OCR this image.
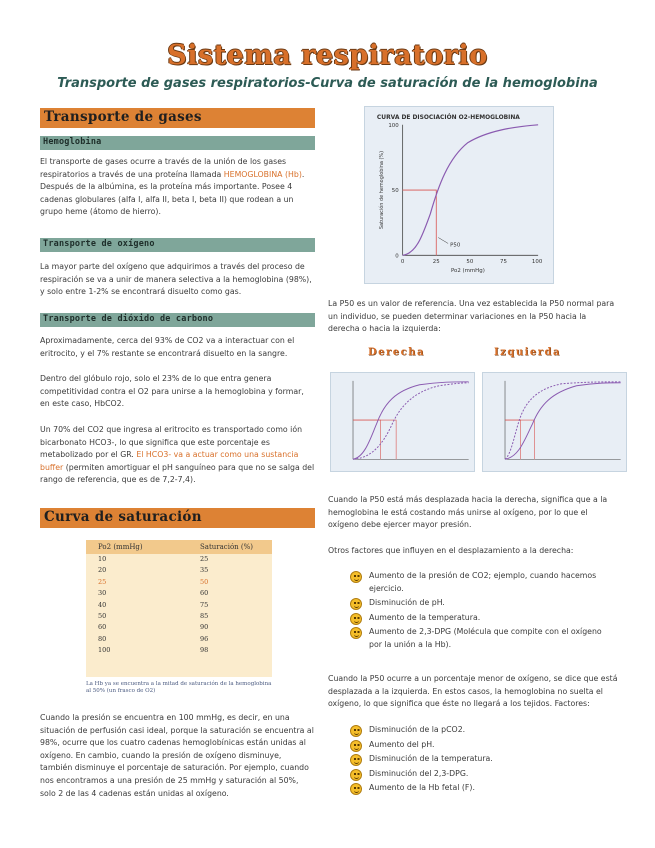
Sistema respiratorio
Transporte de gases respiratorios-Curva de saturación de la hemoglobina
Transporte de gases
Hemoglobina
El transporte de gases ocurre a través de la unión de los gases respiratorios a través de una proteína llamada HEMOGLOBINA (Hb). Después de la albúmina, es la proteína más importante. Posee 4 cadenas globulares (alfa I, alfa II, beta I, beta II) que rodean a un grupo heme (átomo de hierro).
Transporte de oxígeno
La mayor parte del oxígeno que adquirimos a través del proceso de respiración se va a unir de manera selectiva a la hemoglobina (98%), y solo entre 1-2% se encontrará disuelto como gas.
Transporte de dióxido de carbono
Aproximadamente, cerca del 93% de CO2 va a interactuar con el eritrocito, y el 7% restante se encontrará disuelto en la sangre.
Dentro del glóbulo rojo, solo el 23% de lo que entra genera competitividad contra el O2 para unirse a la hemoglobina y formar, en este caso, HbCO2.
Un 70% del CO2 que ingresa al eritrocito es transportado como ión bicarbonato HCO3-, lo que significa que este porcentaje es metabolizado por el GR. El HCO3- va a actuar como una sustancia buffer (permiten amortiguar el pH sanguíneo para que no se salga del rango de referencia, que es de 7,2-7,4).
Curva de saturación
Po2 (mmHg)	Saturación (%)
10	25
20	35
25	50
30	60
40	75
50	85
60	90
80	96
100	98
La Hb ya se encuentra a la mitad de saturación de la hemoglobina al 50% (un frasco de O2)
Cuando la presión se encuentra en 100 mmHg, es decir, en una situación de perfusión casi ideal, porque la saturación se encuentra al 98%, ocurre que los cuatro cadenas hemoglobínicas están unidas al oxígeno. En cambio, cuando la presión de oxígeno disminuye, también disminuye el porcentaje de saturación. Por ejemplo, cuando nos encontramos a una presión de 25 mmHg y saturación al 50%, solo 2 de las 4 cadenas están unidas al oxígeno.
CURVA DE DISOCIACIÓN O2-HEMOGLOBINA
0
50
100
0	25	50	75	100
Po2 (mmHg)
Saturación de hemoglobina (%)
P50
La P50 es un valor de referencia. Una vez establecida la P50 normal para un individuo, se pueden determinar variaciones en la P50 hacia la derecha o hacia la izquierda:
Derecha	Izquierda
Cuando la P50 está más desplazada hacia la derecha, significa que a la hemoglobina le está costando más unirse al oxígeno, por lo que el oxígeno debe ejercer mayor presión.
Otros factores que influyen en el desplazamiento a la derecha:
Aumento de la presión de CO2; ejemplo, cuando hacemos ejercicio.
Disminución de pH.
Aumento de la temperatura.
Aumento de 2,3-DPG (Molécula que compite con el oxígeno por la unión a la Hb).
Cuando la P50 ocurre a un porcentaje menor de oxígeno, se dice que está desplazada a la izquierda. En estos casos, la hemoglobina no suelta el oxígeno, lo que significa que éste no llegará a los tejidos. Factores:
Disminución de la pCO2.
Aumento del pH.
Disminución de la temperatura.
Disminución del 2,3-DPG.
Aumento de la Hb fetal (F).
